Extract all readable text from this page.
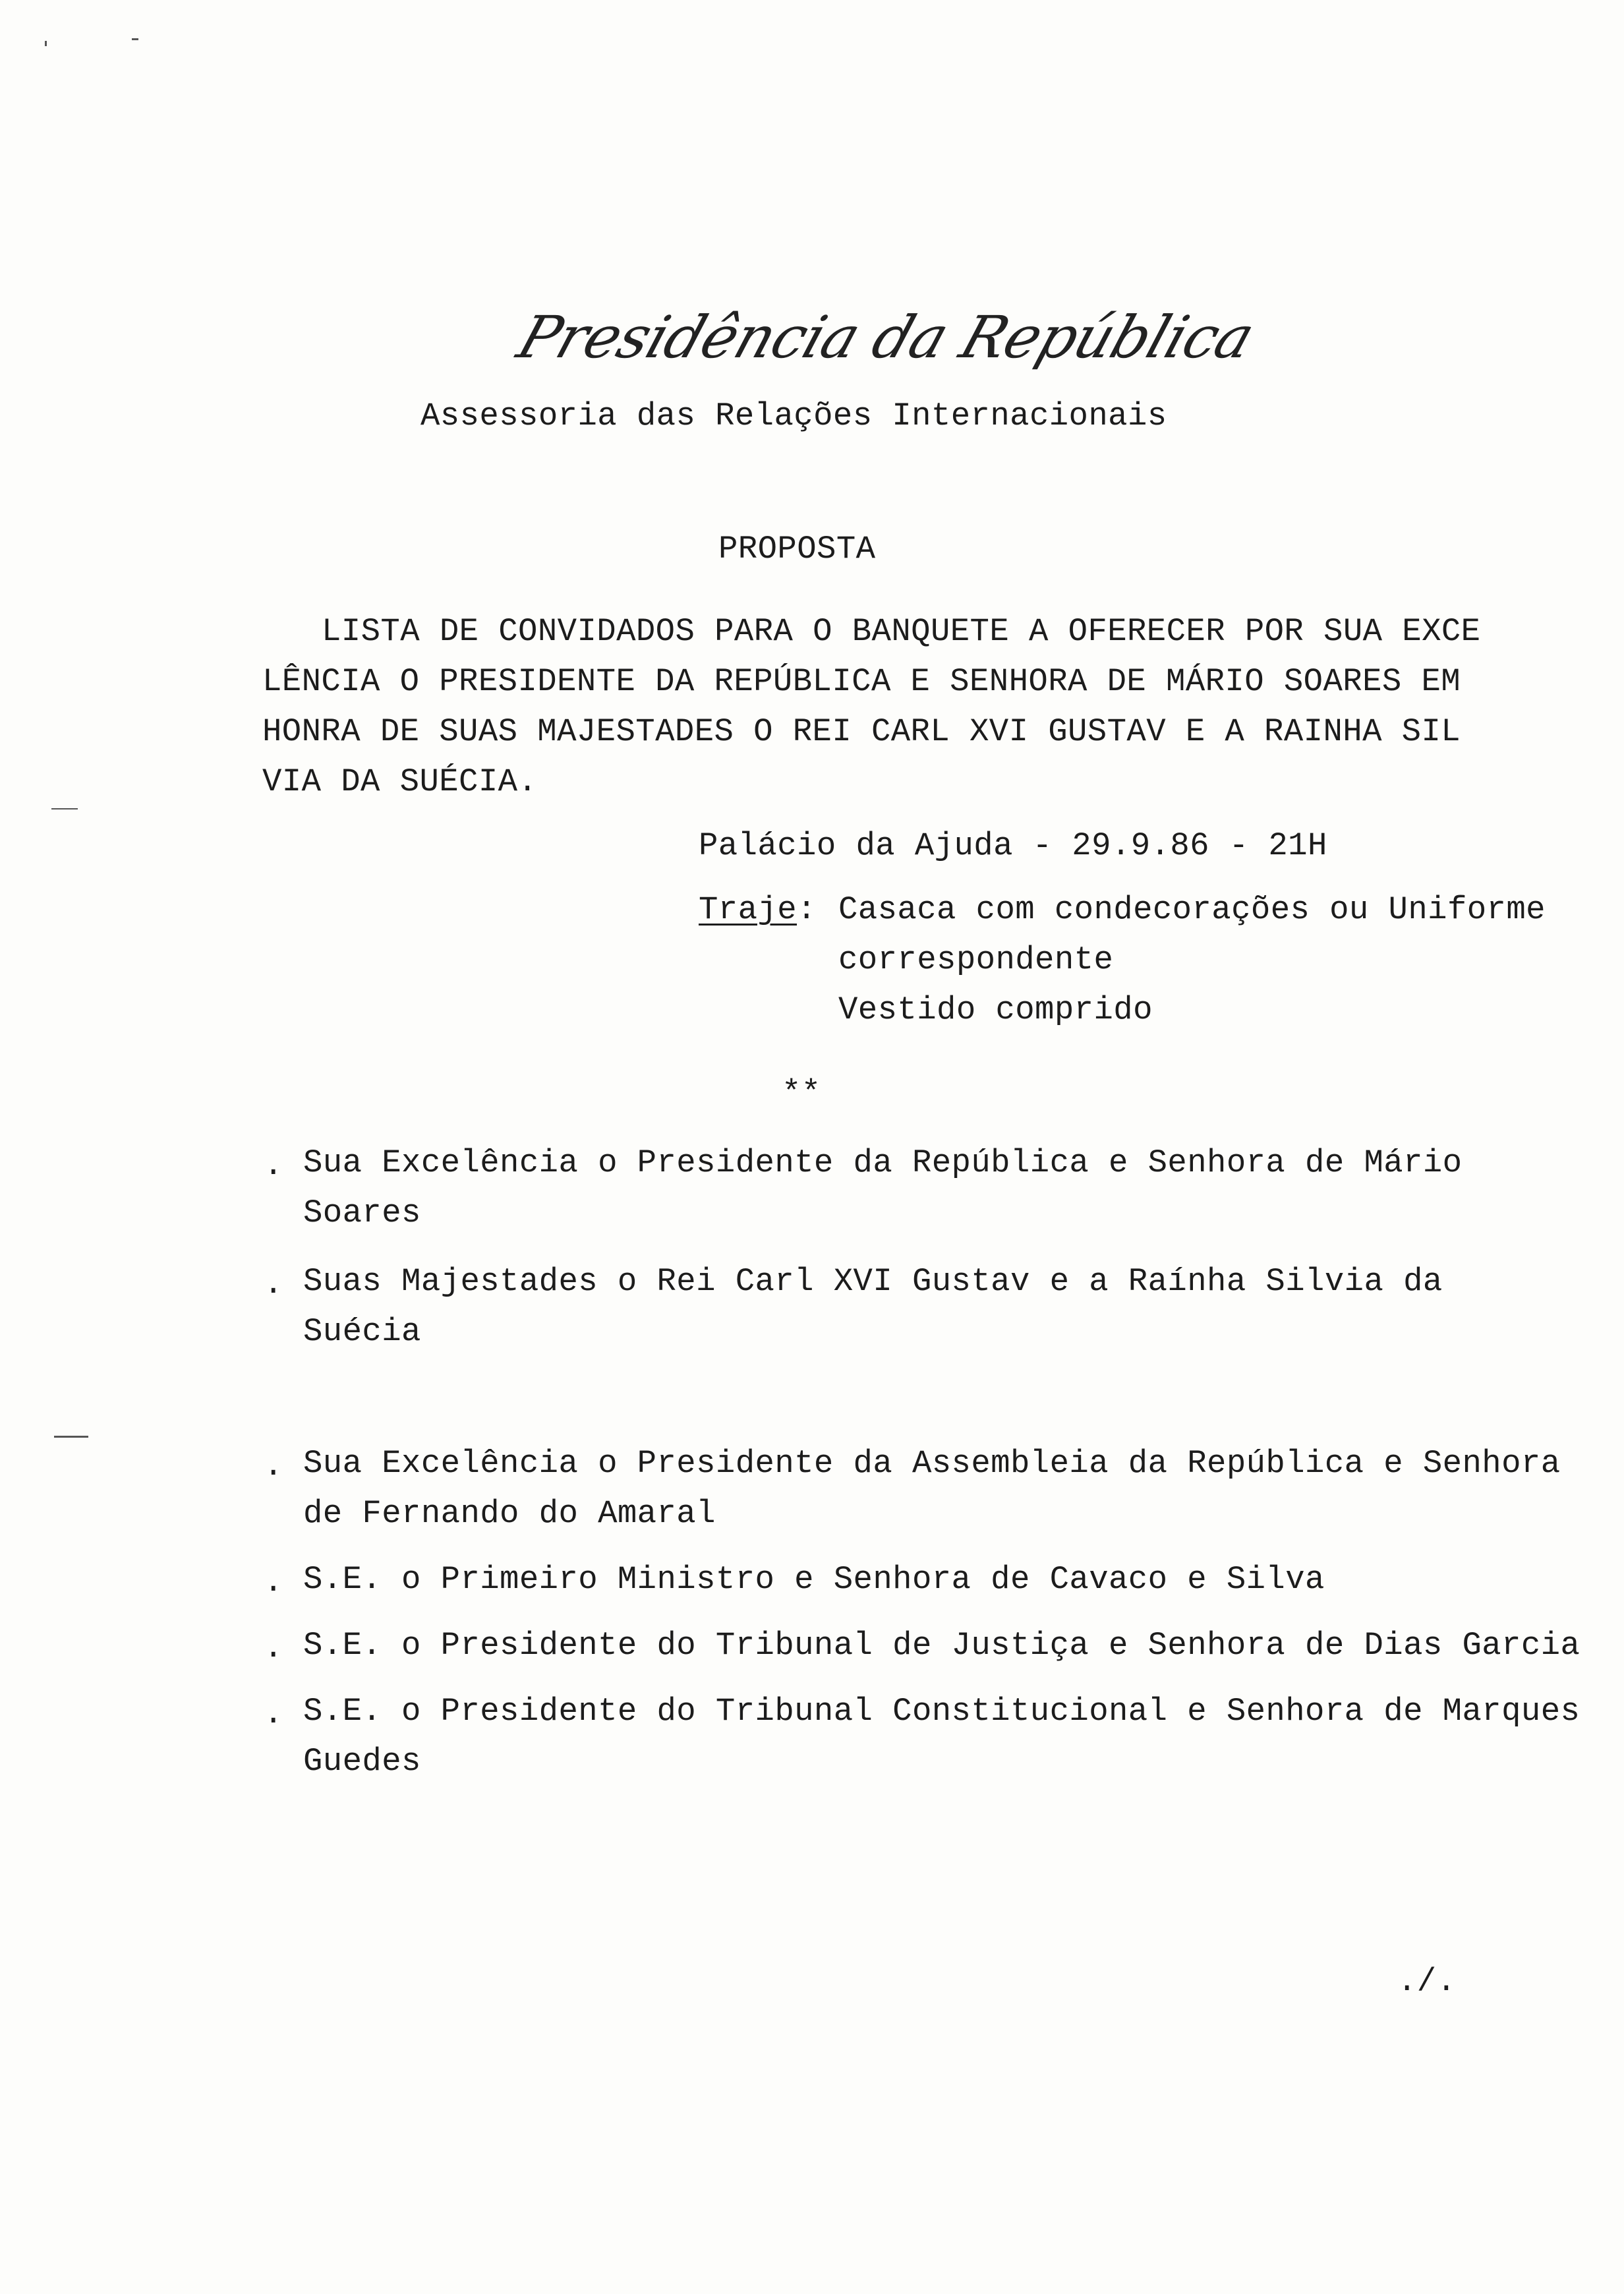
Presidência da República
Assessoria das Relações Internacionais
PROPOSTA
LISTA DE CONVIDADOS PARA O BANQUETE A OFERECER POR SUA EXCE
LÊNCIA O PRESIDENTE DA REPÚBLICA E SENHORA DE MÁRIO SOARES EM
HONRA DE SUAS MAJESTADES O REI CARL XVI GUSTAV E A RAINHA SIL
VIA DA SUÉCIA.
Palácio da Ajuda - 29.9.86 - 21H
Traje: Casaca com condecorações ou Uniforme
correspondente
Vestido comprido
**
. Sua Excelência o Presidente da República e Senhora de Mário
Soares
. Suas Majestades o Rei Carl XVI Gustav e a Raínha Silvia da
Suécia
. Sua Excelência o Presidente da Assembleia da República e Senhora
de Fernando do Amaral
. S.E. o Primeiro Ministro e Senhora de Cavaco e Silva
. S.E. o Presidente do Tribunal de Justiça e Senhora de Dias Garcia
. S.E. o Presidente do Tribunal Constitucional e Senhora de Marques
Guedes
./.
